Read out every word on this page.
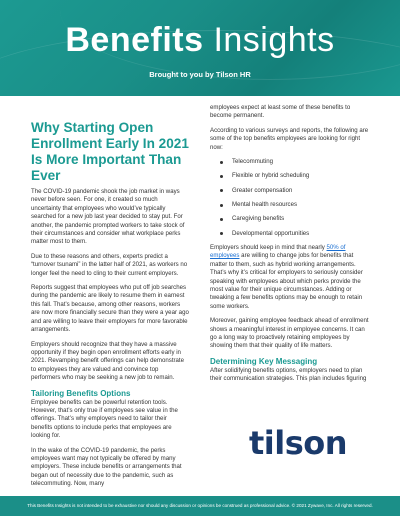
Benefits Insights
Brought to you by Tilson HR
Why Starting Open Enrollment Early In 2021 Is More Important Than Ever

The COVID-19 pandemic shook the job market in ways never before seen. For one, it created so much uncertainty that employees who would’ve typically searched for a new job last year decided to stay put. For another, the pandemic prompted workers to take stock of their circumstances and consider what workplace perks matter most to them.

Due to these reasons and others, experts predict a “turnover tsunami” in the latter half of 2021, as workers no longer feel the need to cling to their current employers.

Reports suggest that employees who put off job searches during the pandemic are likely to resume them in earnest this fall. That’s because, among other reasons, workers are now more financially secure than they were a year ago and are willing to leave their employers for more favorable arrangements.

Employers should recognize that they have a massive opportunity if they begin open enrollment efforts early in 2021. Revamping benefit offerings can help demonstrate to employees they are valued and convince top performers who may be seeking a new job to remain.

Tailoring Benefits Options

Employee benefits can be powerful retention tools. However, that’s only true if employees see value in the offerings. That’s why employers need to tailor their benefits options to include perks that employees are looking for.

In the wake of the COVID-19 pandemic, the perks employees want may not typically be offered by many employers. These include benefits or arrangements that began out of necessity due to the pandemic, such as telecommuting. Now, many

employees expect at least some of these benefits to become permanent.

According to various surveys and reports, the following are some of the top benefits employees are looking for right now:

Telecommuting
Flexible or hybrid scheduling
Greater compensation
Mental health resources
Caregiving benefits
Developmental opportunities

Employers should keep in mind that nearly 50% of employees are willing to change jobs for benefits that matter to them, such as hybrid working arrangements. That’s why it’s critical for employers to seriously consider speaking with employees about which perks provide the most value for their unique circumstances. Adding or tweaking a few benefits options may be enough to retain some workers.

Moreover, gaining employee feedback ahead of enrollment shows a meaningful interest in employee concerns. It can go a long way to proactively retaining employees by showing them that their quality of life matters.

Determining Key Messaging

After solidifying benefits options, employers need to plan their communication strategies. This plan includes figuring

tilson
This Benefits Insights is not intended to be exhaustive nor should any discussion or opinions be construed as professional advice. © 2021 Zywave, Inc. All rights reserved.
